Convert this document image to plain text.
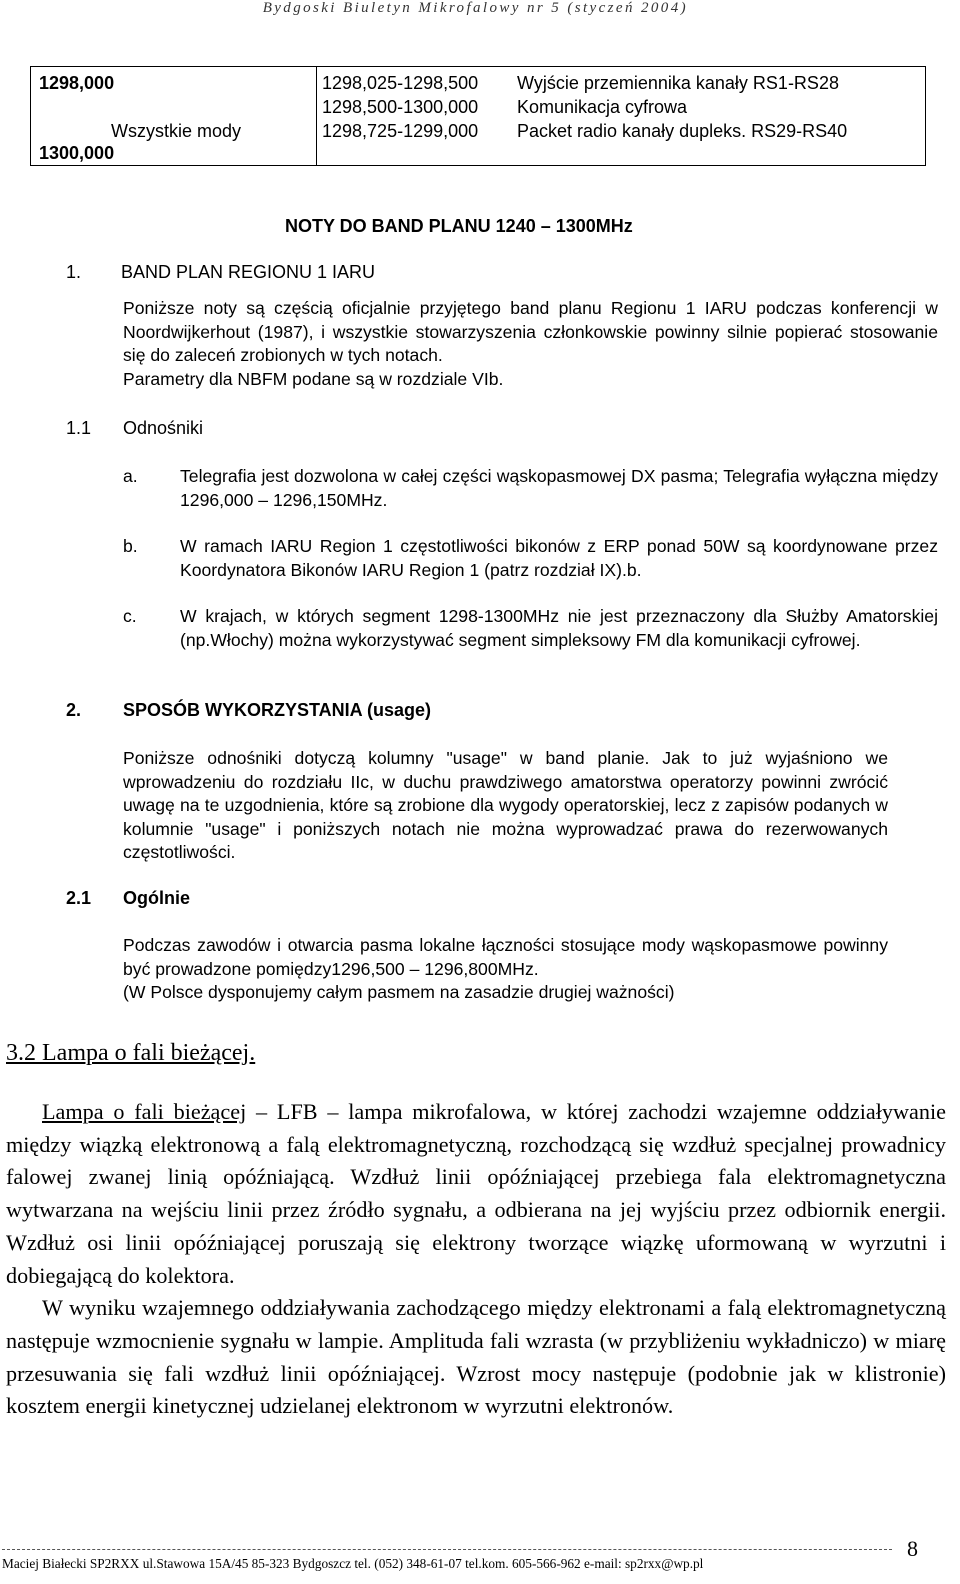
Bydgoski Biuletyn Mikrofalowy nr 5 (styczeń 2004)
1298,000
Wszystkie mody
1300,000
1298,025-1298,500 Wyjście przemiennika kanały RS1-RS28
1298,500-1300,000 Komunikacja cyfrowa
1298,725-1299,000 Packet radio kanały dupleks. RS29-RS40
NOTY DO BAND PLANU 1240 – 1300MHz
1. BAND PLAN REGIONU 1 IARU

Poniższe noty są częścią oficjalnie przyjętego band planu Regionu 1 IARU podczas konferencji w Noordwijkerhout (1987), i wszystkie stowarzyszenia członkowskie powinny silnie popierać stosowanie się do zaleceń zrobionych w tych notach.

Parametry dla NBFM podane są w rozdziale VIb.

1.1 Odnośniki
a. Telegrafia jest dozwolona w całej części wąskopasmowej DX pasma; Telegrafia wyłączna między 1296,000 – 1296,150MHz.
b. W ramach IARU Region 1 częstotliwości bikonów z ERP ponad 50W są koordynowane przez Koordynatora Bikonów IARU Region 1 (patrz rozdział IX).b.
c. W krajach, w których segment 1298-1300MHz nie jest przeznaczony dla Służby Amatorskiej (np.Włochy) można wykorzystywać segment simpleksowy FM dla komunikacji cyfrowej.
2. SPOSÓB WYKORZYSTANIA (usage)

Poniższe odnośniki dotyczą kolumny "usage" w band planie. Jak to już wyjaśniono we wprowadzeniu do rozdziału IIc, w duchu prawdziwego amatorstwa operatorzy powinni zwrócić uwagę na te uzgodnienia, które są zrobione dla wygody operatorskiej, lecz z zapisów podanych w kolumnie "usage" i poniższych notach nie można wyprowadzać prawa do rezerwowanych częstotliwości.

2.1 Ogólnie

Podczas zawodów i otwarcia pasma lokalne łączności stosujące mody wąskopasmowe powinny być prowadzone pomiędzy1296,500 – 1296,800MHz.

(W Polsce dysponujemy całym pasmem na zasadzie drugiej ważności)

3.2 Lampa o fali bieżącej.

Lampa o fali bieżącej – LFB – lampa mikrofalowa, w której zachodzi wzajemne oddziaływanie między wiązką elektronową a falą elektromagnetyczną, rozchodzącą się wzdłuż specjalnej prowadnicy falowej zwanej linią opóźniającą. Wzdłuż linii opóźniającej przebiega fala elektromagnetyczna wytwarzana na wejściu linii przez źródło sygnału, a odbierana na jej wyjściu przez odbiornik energii. Wzdłuż osi linii opóźniającej poruszają się elektrony tworzące wiązkę uformowaną w wyrzutni i dobiegającą do kolektora.

W wyniku wzajemnego oddziaływania zachodzącego między elektronami a falą elektromagnetyczną następuje wzmocnienie sygnału w lampie. Amplituda fali wzrasta (w przybliżeniu wykładniczo) w miarę przesuwania się fali wzdłuż linii opóźniającej. Wzrost mocy następuje (podobnie jak w klistronie) kosztem energii kinetycznej udzielanej elektronom w wyrzutni elektronów.

Maciej Białecki SP2RXX ul.Stawowa 15A/45 85-323 Bydgoszcz tel. (052) 348-61-07 tel.kom. 605-566-962 e-mail: sp2rxx@wp.pl
8
